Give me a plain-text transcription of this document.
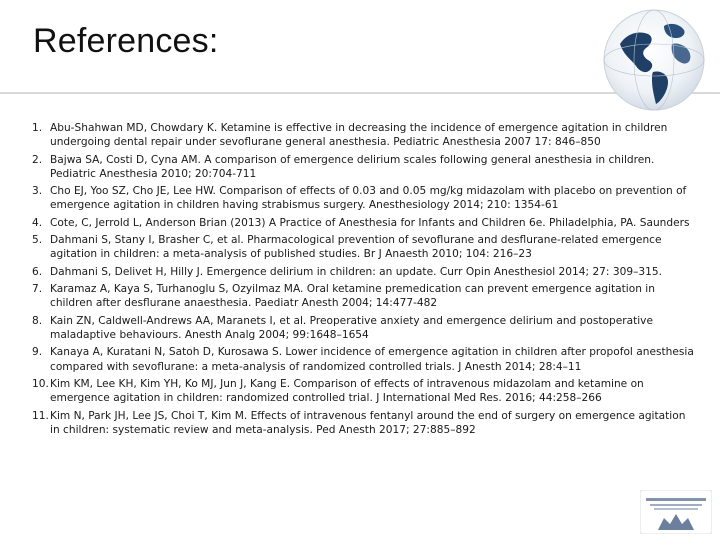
References:
1. Abu-Shahwan MD, Chowdary K. Ketamine is effective in decreasing the incidence of emergence agitation in children undergoing dental repair under sevoflurane general anesthesia. Pediatric Anesthesia 2007 17: 846–850
2. Bajwa SA, Costi D, Cyna AM. A comparison of emergence delirium scales following general anesthesia in children. Pediatric Anesthesia 2010; 20:704-711
3. Cho EJ, Yoo SZ, Cho JE, Lee HW. Comparison of effects of 0.03 and 0.05 mg/kg midazolam with placebo on prevention of emergence agitation in children having strabismus surgery. Anesthesiology 2014; 210: 1354-61
4. Cote, C, Jerrold L, Anderson Brian (2013) A Practice of Anesthesia for Infants and Children 6e. Philadelphia, PA. Saunders
5. Dahmani S, Stany I, Brasher C, et al. Pharmacological prevention of sevoflurane and desflurane-related emergence agitation in children: a meta-analysis of published studies. Br J Anaesth 2010; 104: 216–23
6. Dahmani S, Delivet H, Hilly J. Emergence delirium in children: an update. Curr Opin Anesthesiol 2014; 27: 309–315.
7. Karamaz A, Kaya S, Turhanoglu S, Ozyilmaz MA. Oral ketamine premedication can prevent emergence agitation in children after desflurane anaesthesia. Paediatr Anesth 2004; 14:477-482
8. Kain ZN, Caldwell-Andrews AA, Maranets I, et al. Preoperative anxiety and emergence delirium and postoperative maladaptive behaviours. Anesth Analg 2004; 99:1648–1654
9. Kanaya A, Kuratani N, Satoh D, Kurosawa S. Lower incidence of emergence agitation in children after propofol anesthesia compared with sevoflurane: a meta-analysis of randomized controlled trials. J Anesth 2014; 28:4–11
10. Kim KM, Lee KH, Kim YH, Ko MJ, Jun J, Kang E. Comparison of effects of intravenous midazolam and ketamine on emergence agitation in children: randomized controlled trial. J International Med Res. 2016; 44:258–266
11. Kim N, Park JH, Lee JS, Choi T, Kim M. Effects of intravenous fentanyl around the end of surgery on emergence agitation in children: systematic review and meta-analysis. Ped Anesth 2017; 27:885–892
